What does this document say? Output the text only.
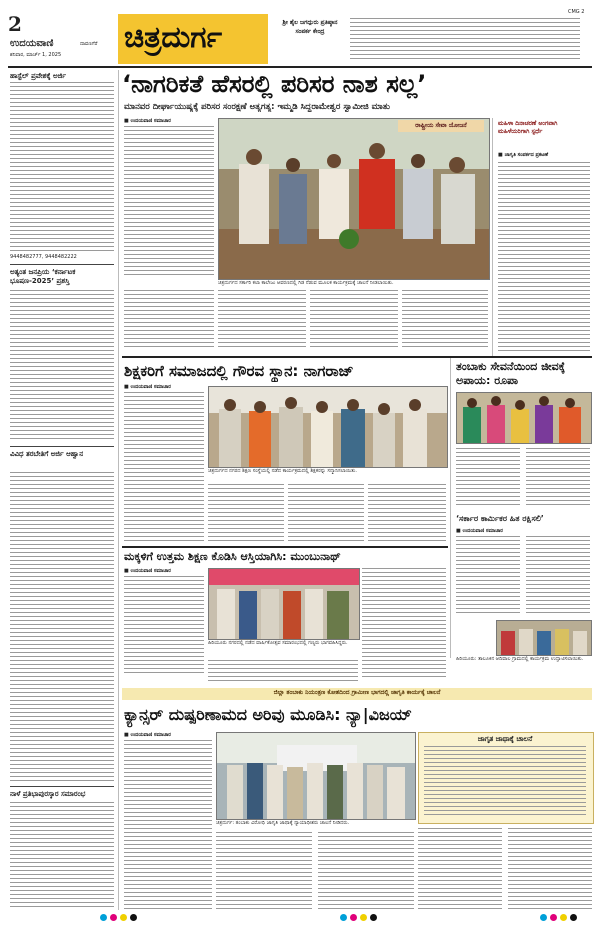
2
ಉದಯವಾಣಿ	ದಾವಣಗೆರೆ
ಶನಿವಾರ, ಮಾರ್ಚ್ 1, 2025 ಚಿತ್ರದುರ್ಗ	ಶ್ರೀ ಶೈಲ ಜಗದ್ಗುರು ಪ್ರತಿಷ್ಠಾನ ಸಂಪರ್ಕ ಕೇಂದ್ರ
CMG 2
ಹಾಸ್ಟೆಲ್ ಪ್ರವೇಶಕ್ಕೆ ಅರ್ಜಿ
9448482777, 9448482222
ಅತ್ಯಂತ ಜನಪ್ರಿಯ ‘ಕರ್ನಾಟಕ ಭೂಷಣ-2025’ ಪ್ರಶಸ್ತಿ
ವಿವಿಧ ತರಬೇತಿಗೆ ಅರ್ಜಿ ಆಹ್ವಾನ
ನಾಳೆ ಪ್ರತಿಭಾಪುರಸ್ಕಾರ ಸಮಾರಂಭ
‘ನಾಗರಿಕತೆ ಹೆಸರಲ್ಲಿ ಪರಿಸರ ನಾಶ ಸಲ್ಲ’
ಮಾನವರ ದೀರ್ಘಾಯುಷ್ಯಕ್ಕೆ ಪರಿಸರ ಸಂರಕ್ಷಣೆ ಅತ್ಯಗತ್ಯ: ಇಮ್ಮಡಿ ಸಿದ್ದರಾಮೇಶ್ವರ ಸ್ವಾಮೀಜಿ ಮಾತು
■ ಉದಯವಾಣಿ ಸಮಾಚಾರ
ರಾಷ್ಟ್ರೀಯ ಸೇವಾ ಯೋಜನೆ
ಚಿತ್ರದುರ್ಗದ ಸರ್ಕಾರಿ ಕಲಾ ಕಾಲೇಜು ಆವರಣದಲ್ಲಿ ಗಿಡ ನೆಡುವ ಮೂಲಕ ಕಾರ್ಯಕ್ರಮಕ್ಕೆ ಚಾಲನೆ ನೀಡಲಾಯಿತು.
ಮಹಿಳಾ ದಿನಾಚರಣೆ ಅಂಗವಾಗಿ ಮಹಿಳೆಯರಿಗಾಗಿ ಸ್ಪರ್ಧೆ
■ ಜಾಗೃತಿ ಸಂಪರ್ಕದ ಪ್ರಕಟಣೆ
ಶಿಕ್ಷಕರಿಗೆ ಸಮಾಜದಲ್ಲಿ ಗೌರವ ಸ್ಥಾನ: ನಾಗರಾಜ್
■ ಉದಯವಾಣಿ ಸಮಾಚಾರ
ಚಿತ್ರದುರ್ಗದ ನಗರದ ಶಿಕ್ಷಣ ಸಂಸ್ಥೆಯಲ್ಲಿ ನಡೆದ ಕಾರ್ಯಕ್ರಮದಲ್ಲಿ ಶಿಕ್ಷಕರನ್ನು ಸನ್ಮಾನಿಸಲಾಯಿತು.
ತಂಬಾಕು ಸೇವನೆಯಿಂದ ಜೀವಕ್ಕೆ ಅಪಾಯ: ರೂಪಾ
‘ಸರ್ಕಾರ ಕಾರ್ಮಿಕರ ಹಿತ ರಕ್ಷಿಸಲಿ’
■ ಉದಯವಾಣಿ ಸಮಾಚಾರ
ಹಿರಿಯೂರು: ತಾಲೂಕಿನ ಆದಿವಾಲ ಗ್ರಾಮದಲ್ಲಿ ಕಾರ್ಯಕ್ರಮ ಉದ್ಘಾಟಿಸಲಾಯಿತು.
ಮಕ್ಕಳಿಗೆ ಉತ್ತಮ ಶಿಕ್ಷಣ ಕೊಡಿಸಿ ಆಸ್ತಿಯಾಗಿಸಿ: ಮುಂಬುನಾಥ್
■ ಉದಯವಾಣಿ ಸಮಾಚಾರ
ಹಿರಿಯೂರು ನಗರದಲ್ಲಿ ನಡೆದ ವಾರ್ಷಿಕೋತ್ಸವ ಸಮಾರಂಭದಲ್ಲಿ ಗಣ್ಯರು ಭಾಗವಹಿಸಿದ್ದರು.
ಜಿಲ್ಲಾ ತಂಬಾಕು ನಿಯಂತ್ರಣ ಕೋಶದಿಂದ ಗ್ರಾಮೀಣ ಭಾಗದಲ್ಲಿ ಜಾಗೃತಿ ಕಾರ್ಯಕ್ಕೆ ಚಾಲನೆ
ಕ್ಯಾನ್ಸರ್ ದುಷ್ಪರಿಣಾಮದ ಅರಿವು ಮೂಡಿಸಿ: ನ್ಯಾ|ವಿಜಯ್
■ ಉದಯವಾಣಿ ಸಮಾಚಾರ
ಚಿತ್ರದುರ್ಗ: ತಂಬಾಕು ವಿರೋಧಿ ಜಾಗೃತಿ ಜಾಥಾಕ್ಕೆ ನ್ಯಾಯಾಧೀಶರು ಚಾಲನೆ ನೀಡಿದರು.
ಜಾಗೃತ ಜಾಥಾಕ್ಕೆ ಚಾಲನೆ
